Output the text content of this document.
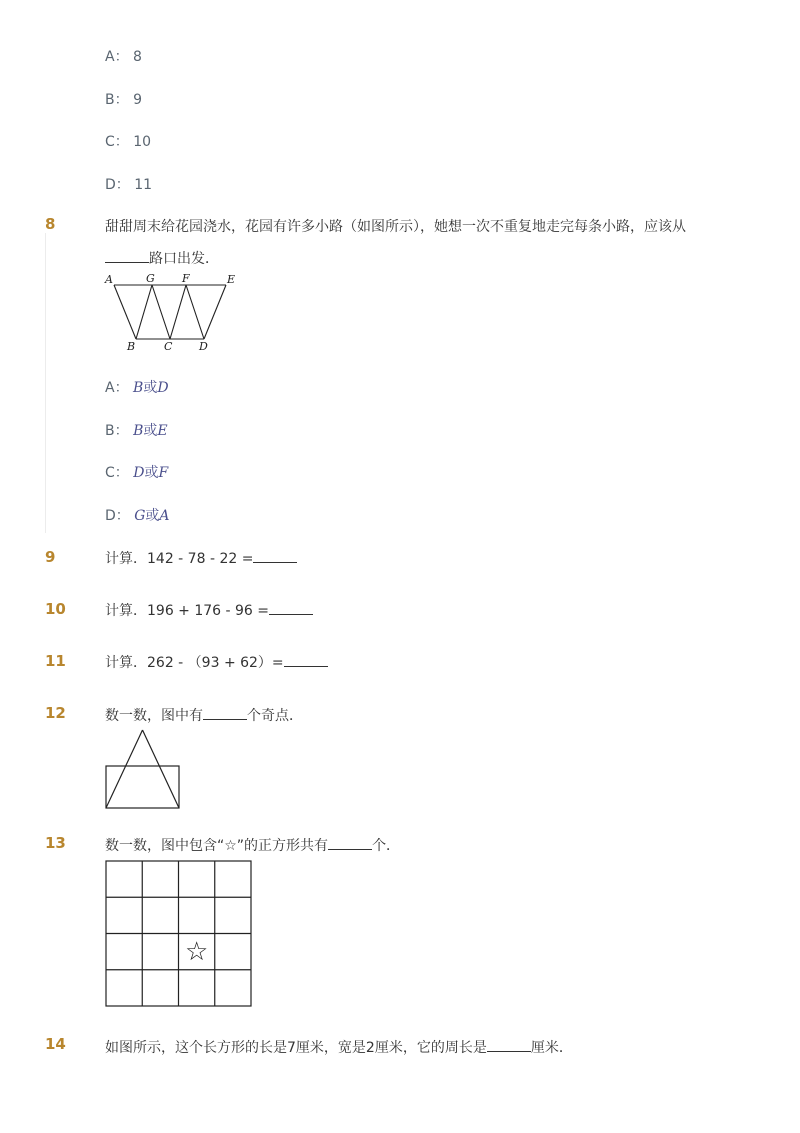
A： 8
B： 9
C： 10
D： 11
8	甜甜周末给花园浇水，花园有许多小路（如图所示），她想一次不重复地走完每条小路，应该从
路口出发．
A	G F	E
B	C D
A： B或D
B： B或E
C： D或F
D： G或A
9	计算．142 - 78 - 22 =
10	计算．196 + 176 - 96 =
11	计算．262 - （93 + 62）=
12	数一数，图中有	个奇点．
13	数一数，图中包含“☆”的正方形共有	个．
☆
14	如图所示，这个长方形的长是7厘米，宽是2厘米，它的周长是	厘米．
